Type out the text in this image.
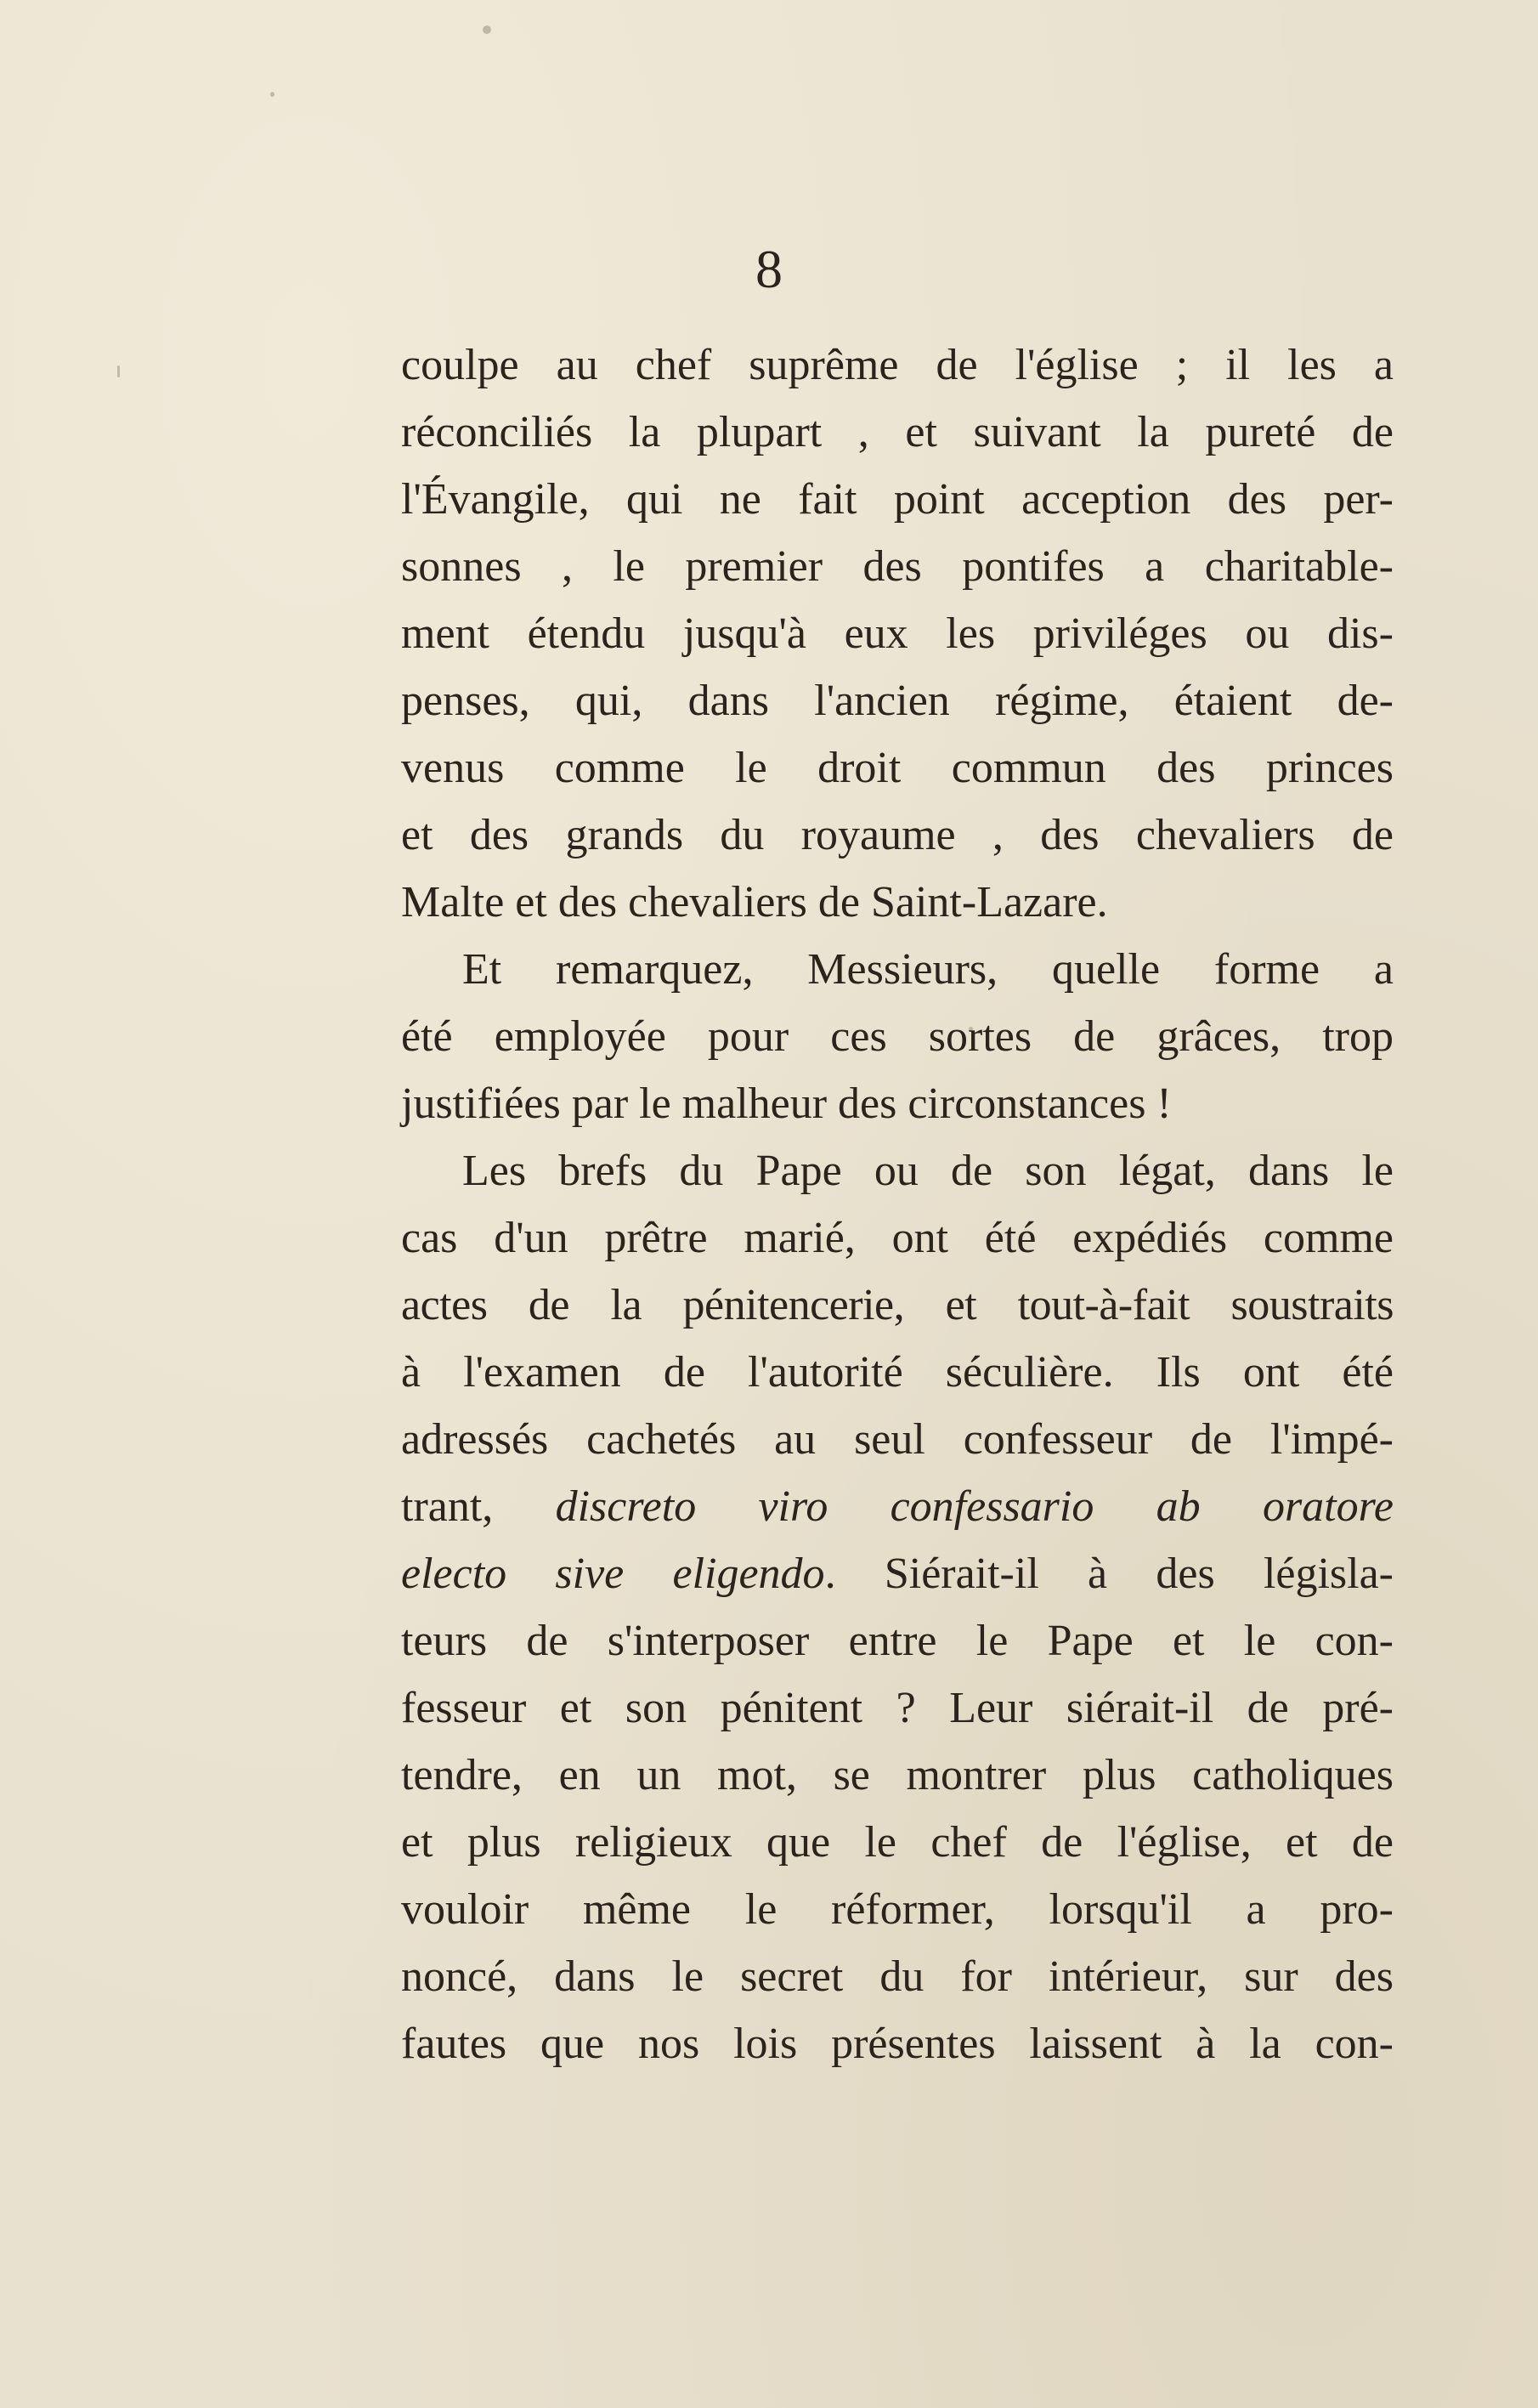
8
coulpe au chef suprême de l'église ; il les a
réconciliés la plupart , et suivant la pureté de
l'Évangile, qui ne fait point acception des per-
sonnes , le premier des pontifes a charitable-
ment étendu jusqu'à eux les priviléges ou dis-
penses, qui, dans l'ancien régime, étaient de-
venus comme le droit commun des princes
et des grands du royaume , des chevaliers de
Malte et des chevaliers de Saint-Lazare.
Et remarquez, Messieurs, quelle forme a
été employée pour ces sortes de grâces, trop
justifiées par le malheur des circonstances !
Les brefs du Pape ou de son légat, dans le
cas d'un prêtre marié, ont été expédiés comme
actes de la pénitencerie, et tout-à-fait soustraits
à l'examen de l'autorité séculière. Ils ont été
adressés cachetés au seul confesseur de l'impé-
trant, discreto viro confessario ab oratore
electo sive eligendo. Siérait-il à des législa-
teurs de s'interposer entre le Pape et le con-
fesseur et son pénitent ? Leur siérait-il de pré-
tendre, en un mot, se montrer plus catholiques
et plus religieux que le chef de l'église, et de
vouloir même le réformer, lorsqu'il a pro-
noncé, dans le secret du for intérieur, sur des
fautes que nos lois présentes laissent à la con-
